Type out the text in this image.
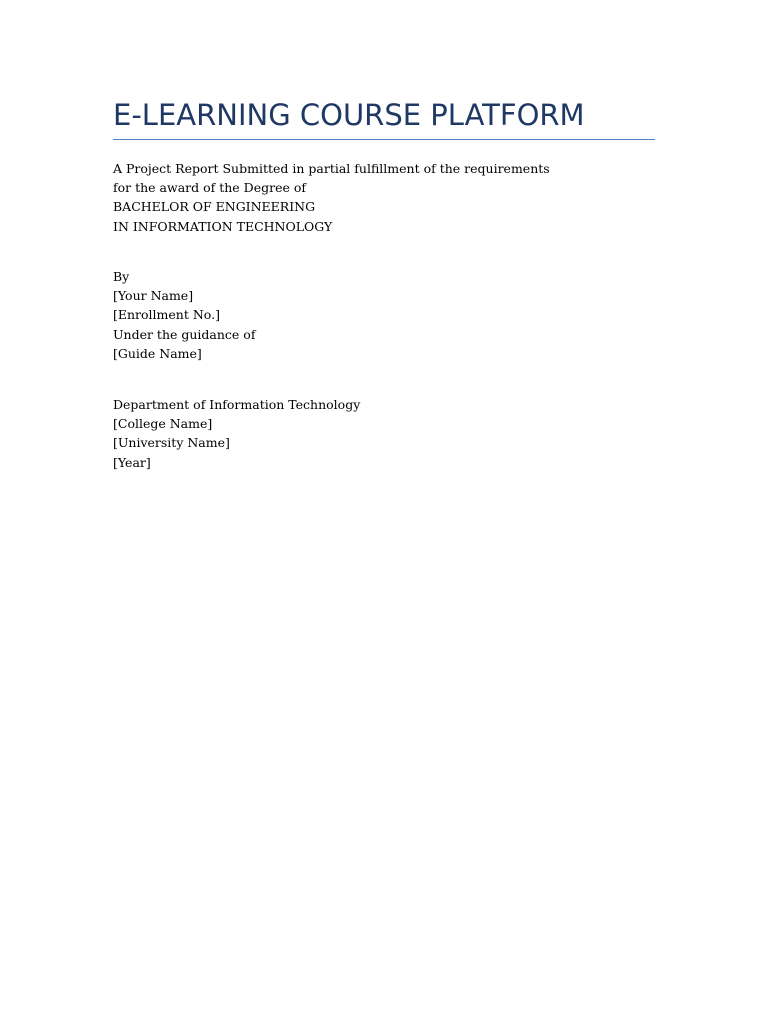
E-LEARNING COURSE PLATFORM
A Project Report Submitted in partial fulfillment of the requirements
for the award of the Degree of
BACHELOR OF ENGINEERING
IN INFORMATION TECHNOLOGY
By
[Your Name]
[Enrollment No.]
Under the guidance of
[Guide Name]
Department of Information Technology
[College Name]
[University Name]
[Year]
